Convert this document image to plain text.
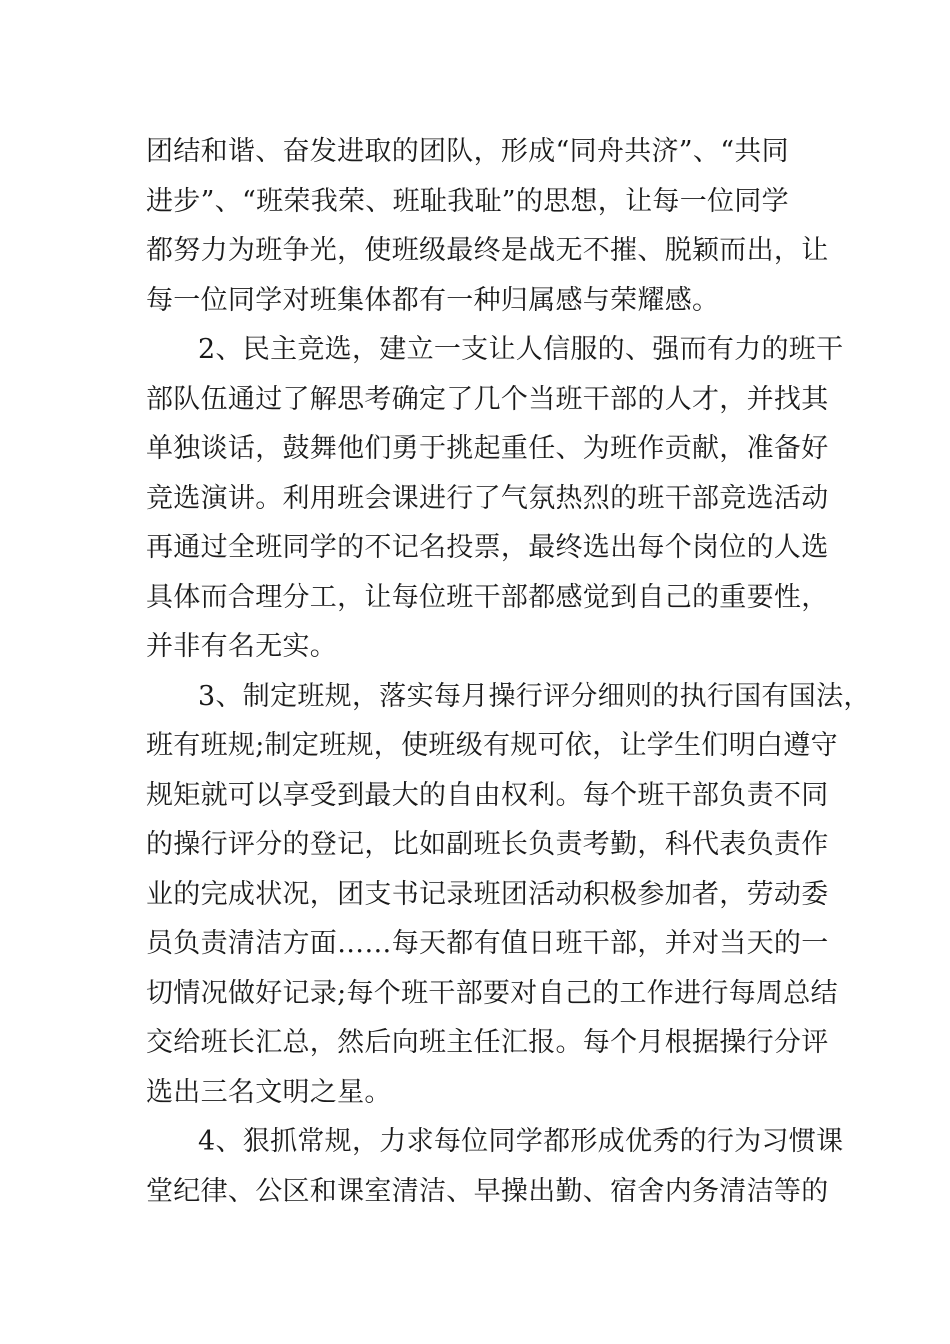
团结和谐、奋发进取的团队，形成“同舟共济”、“共同
进步”、“班荣我荣、班耻我耻”的思想，让每一位同学
都努力为班争光，使班级最终是战无不摧、脱颖而出，让
每一位同学对班集体都有一种归属感与荣耀感。
2、民主竞选，建立一支让人信服的、强而有力的班干
部队伍通过了解思考确定了几个当班干部的人才，并找其
单独谈话，鼓舞他们勇于挑起重任、为班作贡献，准备好
竞选演讲。利用班会课进行了气氛热烈的班干部竞选活动
再通过全班同学的不记名投票，最终选出每个岗位的人选
具体而合理分工，让每位班干部都感觉到自己的重要性，
并非有名无实。
3、制定班规，落实每月操行评分细则的执行国有国法，
班有班规;制定班规，使班级有规可依，让学生们明白遵守
规矩就可以享受到最大的自由权利。每个班干部负责不同
的操行评分的登记，比如副班长负责考勤，科代表负责作
业的完成状况，团支书记录班团活动积极参加者，劳动委
员负责清洁方面……每天都有值日班干部，并对当天的一
切情况做好记录;每个班干部要对自己的工作进行每周总结
交给班长汇总，然后向班主任汇报。每个月根据操行分评
选出三名文明之星。
4、狠抓常规，力求每位同学都形成优秀的行为习惯课
堂纪律、公区和课室清洁、早操出勤、宿舍内务清洁等的
